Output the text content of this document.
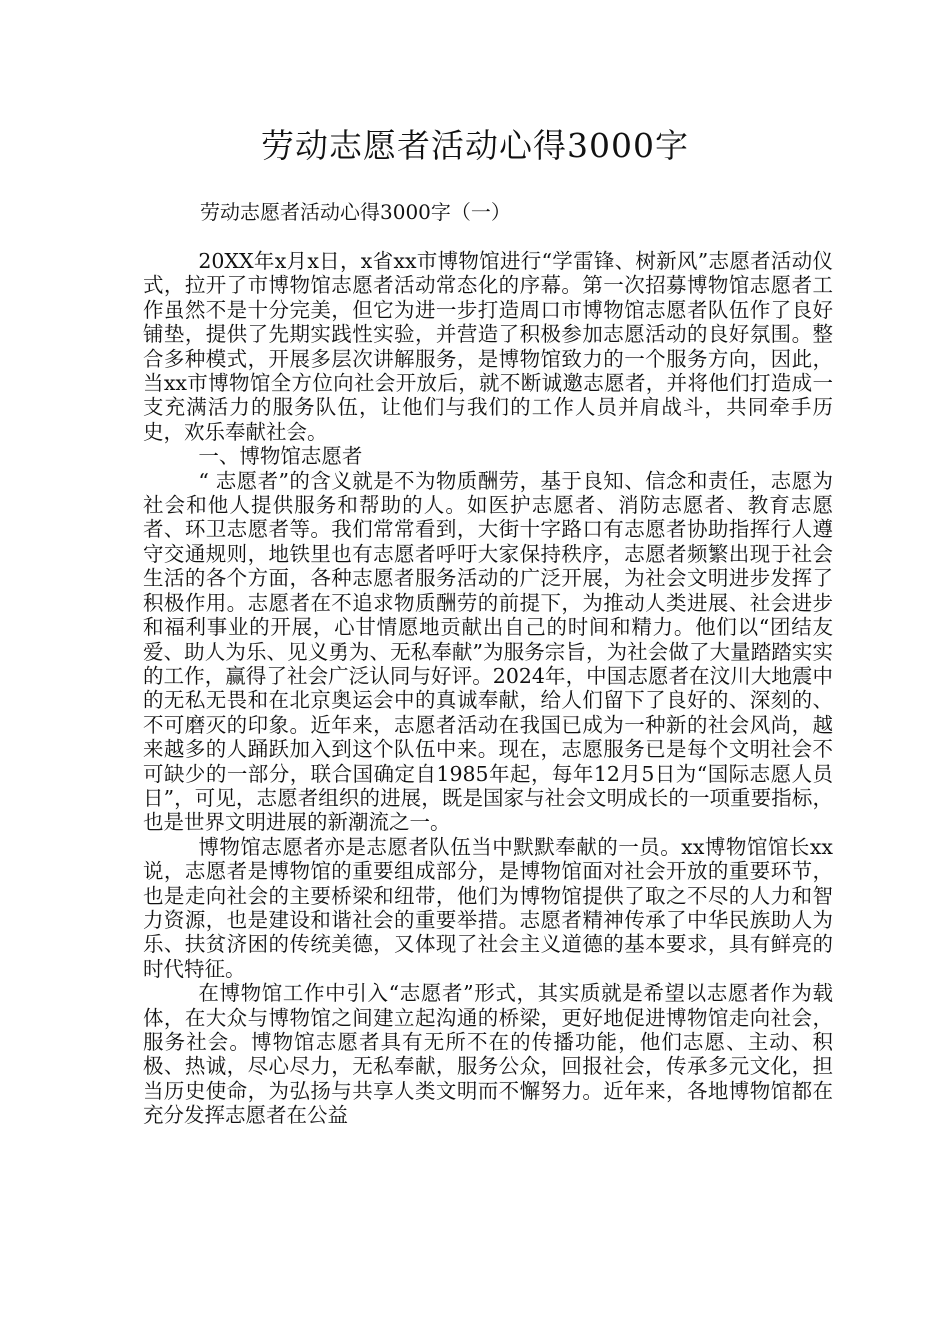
劳动志愿者活动心得3000字
劳动志愿者活动心得3000字（一）

20XX年x月x日，x省xx市博物馆进行“学雷锋、树新风”志愿者活动仪式，拉开了市博物馆志愿者活动常态化的序幕。第一次招募博物馆志愿者工作虽然不是十分完美，但它为进一步打造周口市博物馆志愿者队伍作了良好铺垫，提供了先期实践性实验，并营造了积极参加志愿活动的良好氛围。整合多种模式，开展多层次讲解服务，是博物馆致力的一个服务方向，因此，当xx市博物馆全方位向社会开放后，就不断诚邀志愿者，并将他们打造成一支充满活力的服务队伍，让他们与我们的工作人员并肩战斗，共同牵手历史，欢乐奉献社会。

一、博物馆志愿者

“ 志愿者”的含义就是不为物质酬劳，基于良知、信念和责任，志愿为社会和他人提供服务和帮助的人。如医护志愿者、消防志愿者、教育志愿者、环卫志愿者等。我们常常看到，大街十字路口有志愿者协助指挥行人遵守交通规则，地铁里也有志愿者呼吁大家保持秩序，志愿者频繁出现于社会生活的各个方面，各种志愿者服务活动的广泛开展，为社会文明进步发挥了积极作用。志愿者在不追求物质酬劳的前提下，为推动人类进展、社会进步和福利事业的开展，心甘情愿地贡献出自己的时间和精力。他们以“团结友爱、助人为乐、见义勇为、无私奉献”为服务宗旨，为社会做了大量踏踏实实的工作，赢得了社会广泛认同与好评。2024年，中国志愿者在汶川大地震中的无私无畏和在北京奥运会中的真诚奉献，给人们留下了良好的、深刻的、不可磨灭的印象。近年来，志愿者活动在我国已成为一种新的社会风尚，越来越多的人踊跃加入到这个队伍中来。现在，志愿服务已是每个文明社会不可缺少的一部分，联合国确定自1985年起，每年12月5日为“国际志愿人员日”，可见，志愿者组织的进展，既是国家与社会文明成长的一项重要指标，也是世界文明进展的新潮流之一。

博物馆志愿者亦是志愿者队伍当中默默奉献的一员。xx博物馆馆长xx说，志愿者是博物馆的重要组成部分，是博物馆面对社会开放的重要环节，也是走向社会的主要桥梁和纽带，他们为博物馆提供了取之不尽的人力和智力资源，也是建设和谐社会的重要举措。志愿者精神传承了中华民族助人为乐、扶贫济困的传统美德，又体现了社会主义道德的基本要求，具有鲜亮的时代特征。

在博物馆工作中引入“志愿者”形式，其实质就是希望以志愿者作为载体，在大众与博物馆之间建立起沟通的桥梁，更好地促进博物馆走向社会，服务社会。博物馆志愿者具有无所不在的传播功能，他们志愿、主动、积极、热诚，尽心尽力，无私奉献，服务公众，回报社会，传承多元文化，担当历史使命，为弘扬与共享人类文明而不懈努力。近年来，各地博物馆都在充分发挥志愿者在公益
